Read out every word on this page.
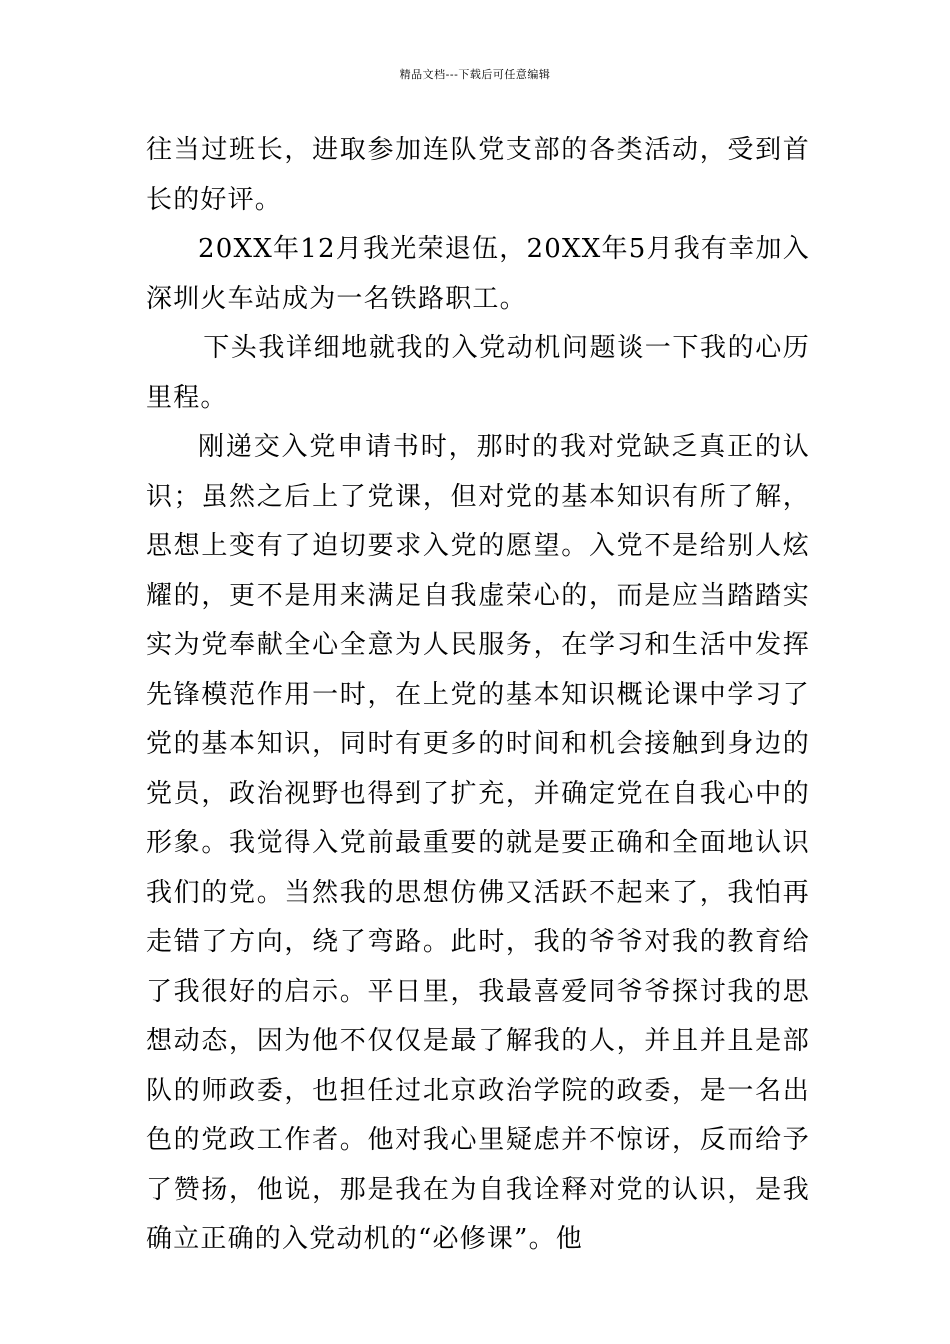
精品文档---下载后可任意编辑

往当过班长，进取参加连队党支部的各类活动，受到首长的好评。

20XX年12月我光荣退伍，20XX年5月我有幸加入深圳火车站成为一名铁路职工。

下头我详细地就我的入党动机问题谈一下我的心历里程。

刚递交入党申请书时，那时的我对党缺乏真正的认识；虽然之后上了党课，但对党的基本知识有所了解，思想上变有了迫切要求入党的愿望。入党不是给别人炫耀的，更不是用来满足自我虚荣心的，而是应当踏踏实实为党奉献全心全意为人民服务，在学习和生活中发挥先锋模范作用一时，在上党的基本知识概论课中学习了党的基本知识，同时有更多的时间和机会接触到身边的党员，政治视野也得到了扩充，并确定党在自我心中的形象。我觉得入党前最重要的就是要正确和全面地认识我们的党。当然我的思想仿佛又活跃不起来了，我怕再走错了方向，绕了弯路。此时，我的爷爷对我的教育给了我很好的启示。平日里，我最喜爱同爷爷探讨我的思想动态，因为他不仅仅是最了解我的人，并且并且是部队的师政委，也担任过北京政治学院的政委，是一名出色的党政工作者。他对我心里疑虑并不惊讶，反而给予了赞扬，他说，那是我在为自我诠释对党的认识，是我确立正确的入党动机的“必修课”。他
